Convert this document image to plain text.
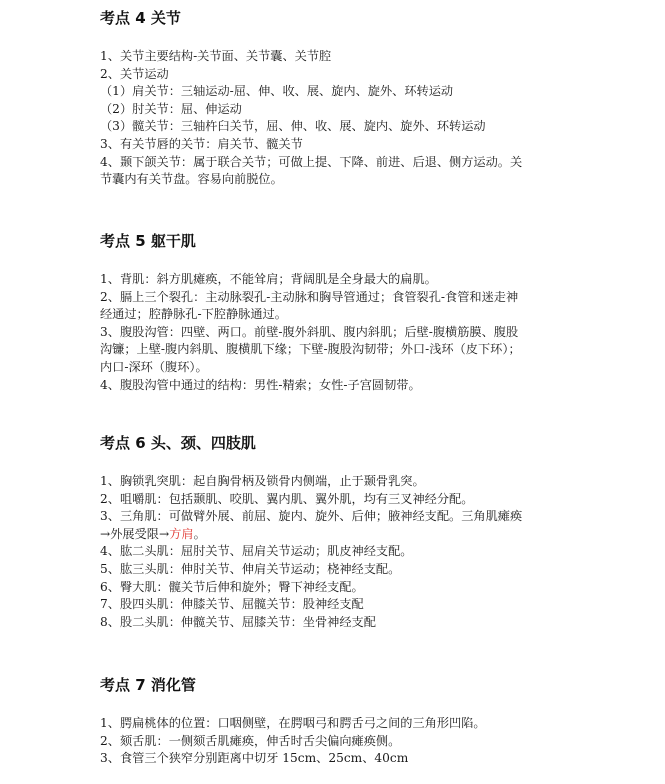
考点 4 关节
1、关节主要结构-关节面、关节囊、关节腔
2、关节运动
（1）肩关节：三轴运动-屈、伸、收、展、旋内、旋外、环转运动
（2）肘关节：屈、伸运动
（3）髋关节：三轴杵臼关节，屈、伸、收、展、旋内、旋外、环转运动
3、有关节唇的关节：肩关节、髋关节
4、颞下颌关节：属于联合关节；可做上提、下降、前进、后退、侧方运动。关
节囊内有关节盘。容易向前脱位。
考点 5 躯干肌
1、背肌：斜方肌瘫痪，不能耸肩；背阔肌是全身最大的扁肌。
2、膈上三个裂孔：主动脉裂孔-主动脉和胸导管通过；食管裂孔-食管和迷走神
经通过；腔静脉孔-下腔静脉通过。
3、腹股沟管：四壁、两口。前壁-腹外斜肌、腹内斜肌；后壁-腹横筋膜、腹股
沟镰；上壁-腹内斜肌、腹横肌下缘；下壁-腹股沟韧带；外口-浅环（皮下环）；
内口-深环（腹环）。
4、腹股沟管中通过的结构：男性-精索；女性-子宫圆韧带。
考点 6 头、颈、四肢肌
1、胸锁乳突肌：起自胸骨柄及锁骨内侧端，止于颞骨乳突。
2、咀嚼肌：包括颞肌、咬肌、翼内肌、翼外肌，均有三叉神经分配。
3、三角肌：可做臂外展、前屈、旋内、旋外、后伸；腋神经支配。三角肌瘫痪
→外展受限→方肩。
4、肱二头肌：屈肘关节、屈肩关节运动；肌皮神经支配。
5、肱三头肌：伸肘关节、伸肩关节运动；桡神经支配。
6、臀大肌：髋关节后伸和旋外；臀下神经支配。
7、股四头肌：伸膝关节、屈髋关节：股神经支配
8、股二头肌：伸髋关节、屈膝关节：坐骨神经支配
考点 7 消化管
1、腭扁桃体的位置：口咽侧壁，在腭咽弓和腭舌弓之间的三角形凹陷。
2、颏舌肌：一侧颏舌肌瘫痪，伸舌时舌尖偏向瘫痪侧。
3、食管三个狭窄分别距离中切牙 15cm、25cm、40cm
